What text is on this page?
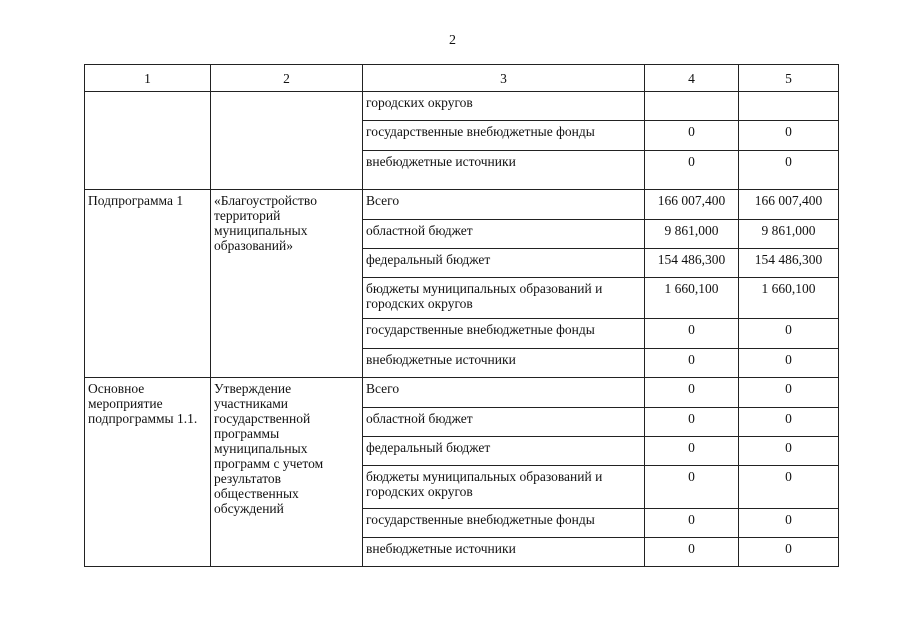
2
1	2	3	4	5
		городских округов		
		государственные внебюджетные фонды	0	0
		внебюджетные источники	0	0
Подпрограмма 1	«Благоустройство территорий муниципальных образований»	Всего	166 007,400	166 007,400
		областной бюджет	9 861,000	9 861,000
		федеральный бюджет	154 486,300	154 486,300
		бюджеты муниципальных образований и городских округов	1 660,100	1 660,100
		государственные внебюджетные фонды	0	0
		внебюджетные источники	0	0
Основное мероприятие подпрограммы 1.1.	Утверждение участниками государственной программы муниципальных программ с учетом результатов общественных обсуждений	Всего	0	0
		областной бюджет	0	0
		федеральный бюджет	0	0
		бюджеты муниципальных образований и городских округов	0	0
		государственные внебюджетные фонды	0	0
		внебюджетные источники	0	0
